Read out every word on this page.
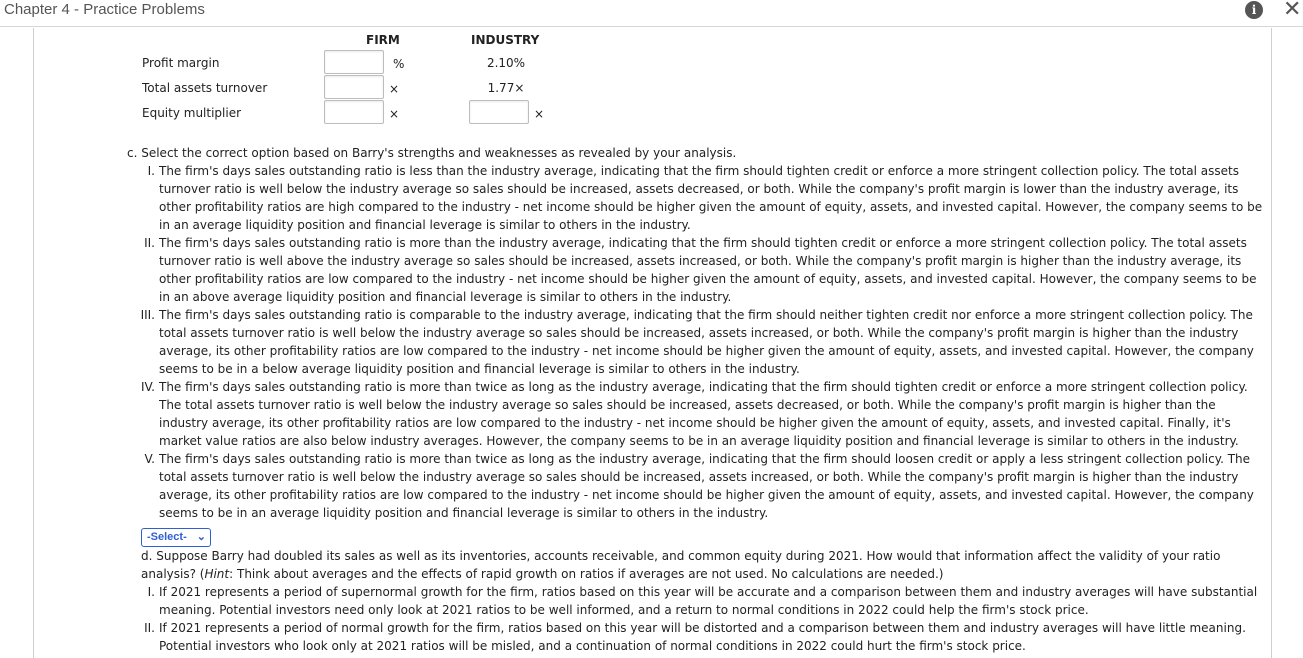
Chapter 4 - Practice Problems	i	✕
FIRM	INDUSTRY
Profit margin	%	2.10%
Total assets turnover	×	1.77×
Equity multiplier	×	×
c. Select the correct option based on Barry's strengths and weaknesses as revealed by your analysis.
I. The firm's days sales outstanding ratio is less than the industry average, indicating that the firm should tighten credit or enforce a more stringent collection policy. The total assets turnover ratio is well below the industry average so sales should be increased, assets decreased, or both. While the company's profit margin is lower than the industry average, its other profitability ratios are high compared to the industry - net income should be higher given the amount of equity, assets, and invested capital. However, the company seems to be in an average liquidity position and financial leverage is similar to others in the industry.
II. The firm's days sales outstanding ratio is more than the industry average, indicating that the firm should tighten credit or enforce a more stringent collection policy. The total assets turnover ratio is well above the industry average so sales should be increased, assets increased, or both. While the company's profit margin is higher than the industry average, its other profitability ratios are low compared to the industry - net income should be higher given the amount of equity, assets, and invested capital. However, the company seems to be in an above average liquidity position and financial leverage is similar to others in the industry.
III. The firm's days sales outstanding ratio is comparable to the industry average, indicating that the firm should neither tighten credit nor enforce a more stringent collection policy. The total assets turnover ratio is well below the industry average so sales should be increased, assets increased, or both. While the company's profit margin is higher than the industry average, its other profitability ratios are low compared to the industry - net income should be higher given the amount of equity, assets, and invested capital. However, the company seems to be in a below average liquidity position and financial leverage is similar to others in the industry.
IV. The firm's days sales outstanding ratio is more than twice as long as the industry average, indicating that the firm should tighten credit or enforce a more stringent collection policy. The total assets turnover ratio is well below the industry average so sales should be increased, assets decreased, or both. While the company's profit margin is higher than the industry average, its other profitability ratios are low compared to the industry - net income should be higher given the amount of equity, assets, and invested capital. Finally, it's market value ratios are also below industry averages. However, the company seems to be in an average liquidity position and financial leverage is similar to others in the industry.
V. The firm's days sales outstanding ratio is more than twice as long as the industry average, indicating that the firm should loosen credit or apply a less stringent collection policy. The total assets turnover ratio is well below the industry average so sales should be increased, assets increased, or both. While the company's profit margin is higher than the industry average, its other profitability ratios are low compared to the industry - net income should be higher given the amount of equity, assets, and invested capital. However, the company seems to be in an average liquidity position and financial leverage is similar to others in the industry.
-Select- ⌄
d. Suppose Barry had doubled its sales as well as its inventories, accounts receivable, and common equity during 2021. How would that information affect the validity of your ratio analysis? (Hint: Think about averages and the effects of rapid growth on ratios if averages are not used. No calculations are needed.)
I. If 2021 represents a period of supernormal growth for the firm, ratios based on this year will be accurate and a comparison between them and industry averages will have substantial meaning. Potential investors need only look at 2021 ratios to be well informed, and a return to normal conditions in 2022 could help the firm's stock price.
II. If 2021 represents a period of normal growth for the firm, ratios based on this year will be distorted and a comparison between them and industry averages will have little meaning. Potential investors who look only at 2021 ratios will be misled, and a continuation of normal conditions in 2022 could hurt the firm's stock price.
